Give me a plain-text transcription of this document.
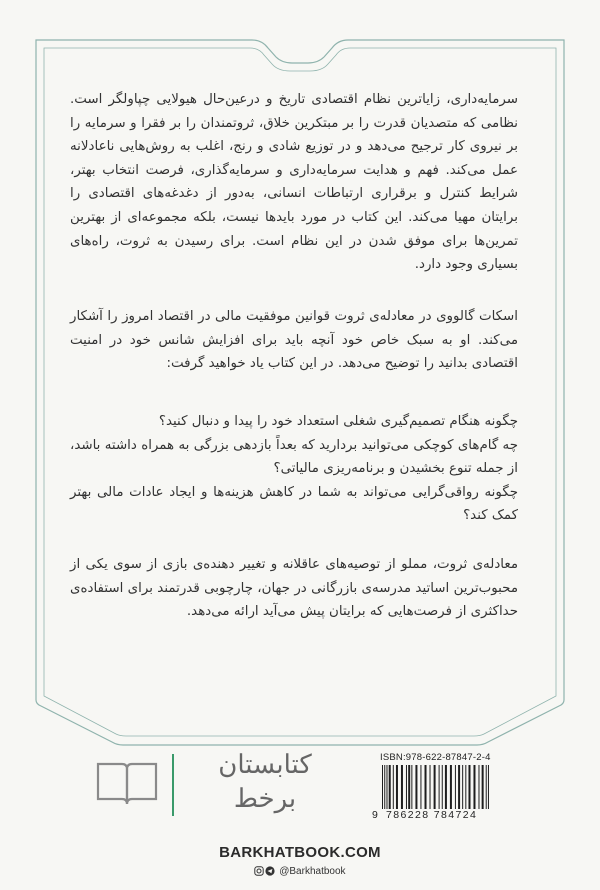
سرمایه‌داری، زایاترین نظام اقتصادی تاریخ و درعین‌حال هیولایی چپاولگر است. نظامی که متصدیان قدرت را بر مبتکرین خلاق، ثروتمندان را بر فقرا و سرمایه را بر نیروی کار ترجیح می‌دهد و در توزیع شادی و رنج، اغلب به روش‌هایی ناعادلانه عمل می‌کند. فهم و هدایت سرمایه‌داری و سرمایه‌گذاری، فرصت انتخاب بهتر، شرایط کنترل و برقراری ارتباطات انسانی، به‌دور از دغدغه‌های اقتصادی را برایتان مهیا می‌کند. این کتاب در مورد بایدها نیست، بلکه مجموعه‌ای از بهترین تمرین‌ها برای موفق شدن در این نظام است. برای رسیدن به ثروت، راه‌های بسیاری وجود دارد.

اسکات گالووی در معادله‌ی ثروت قوانین موفقیت مالی در اقتصاد امروز را آشکار می‌کند. او به سبک خاص خود آنچه باید برای افزایش شانس خود در امنیت اقتصادی بدانید را توضیح می‌دهد. در این کتاب یاد خواهید گرفت:

چگونه هنگام تصمیم‌گیری شغلی استعداد خود را پیدا و دنبال کنید؟

چه گام‌های کوچکی می‌توانید بردارید که بعداً بازدهی بزرگی به همراه داشته باشد، از جمله تنوع بخشیدن و برنامه‌ریزی مالیاتی؟

چگونه رواقی‌گرایی می‌تواند به شما در کاهش هزینه‌ها و ایجاد عادات مالی بهتر کمک کند؟

معادله‌ی ثروت، مملو از توصیه‌های عاقلانه و تغییر دهنده‌ی بازی از سوی یکی از محبوب‌ترین اساتید مدرسه‌ی بازرگانی در جهان، چارچوبی قدرتمند برای استفاده‌ی حداکثری از فرصت‌هایی که برایتان پیش می‌آید ارائه می‌دهد.

کتابستان
برخط
ISBN:978-622-87847-2-4
9 786228 784724
BARKHATBOOK.COM
@Barkhatbook
